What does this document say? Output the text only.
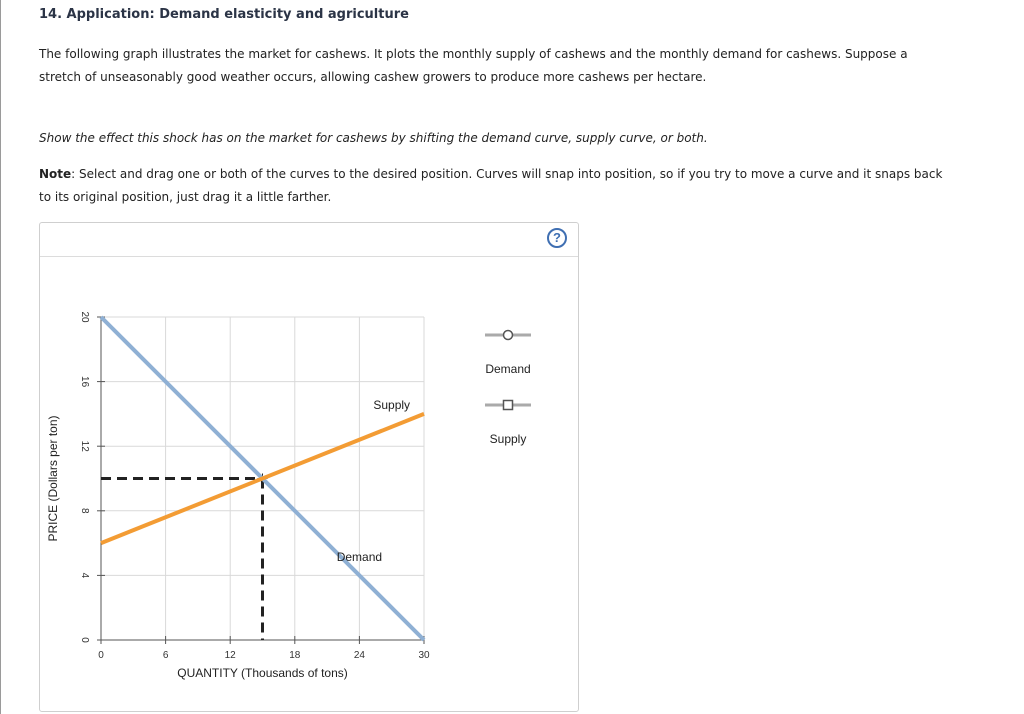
14. Application: Demand elasticity and agriculture
The following graph illustrates the market for cashews. It plots the monthly supply of cashews and the monthly demand for cashews. Suppose a
stretch of unseasonably good weather occurs, allowing cashew growers to produce more cashews per hectare.
Show the effect this shock has on the market for cashews by shifting the demand curve, supply curve, or both.
Note: Select and drag one or both of the curves to the desired position. Curves will snap into position, so if you try to move a curve and it snaps back
to its original position, just drag it a little farther.
?
0
4
8
12
16
20
0	6	12	18	24	30
QUANTITY (Thousands of tons)
PRICE (Dollars per ton)
Supply
Demand
Demand
Supply
